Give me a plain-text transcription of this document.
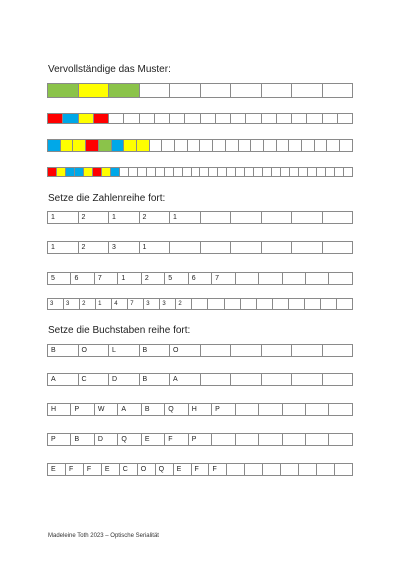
Vervollständige das Muster:
Setze die Zahlenreihe fort:
Setze die Buchstaben reihe fort:
1	2	1	2	1
1	2	3	1
5	6	7	1	2	5	6	7
3	3	2	1	4	7	3	3	2
B	O	L	B	O
A	C	D	B	A
H	P	W	A	B	Q	H	P
P	B	D	Q	E	F	P
E	F	F	E	C	O	Q	E	F	F
Madeleine Toth 2023 – Optische Serialität
